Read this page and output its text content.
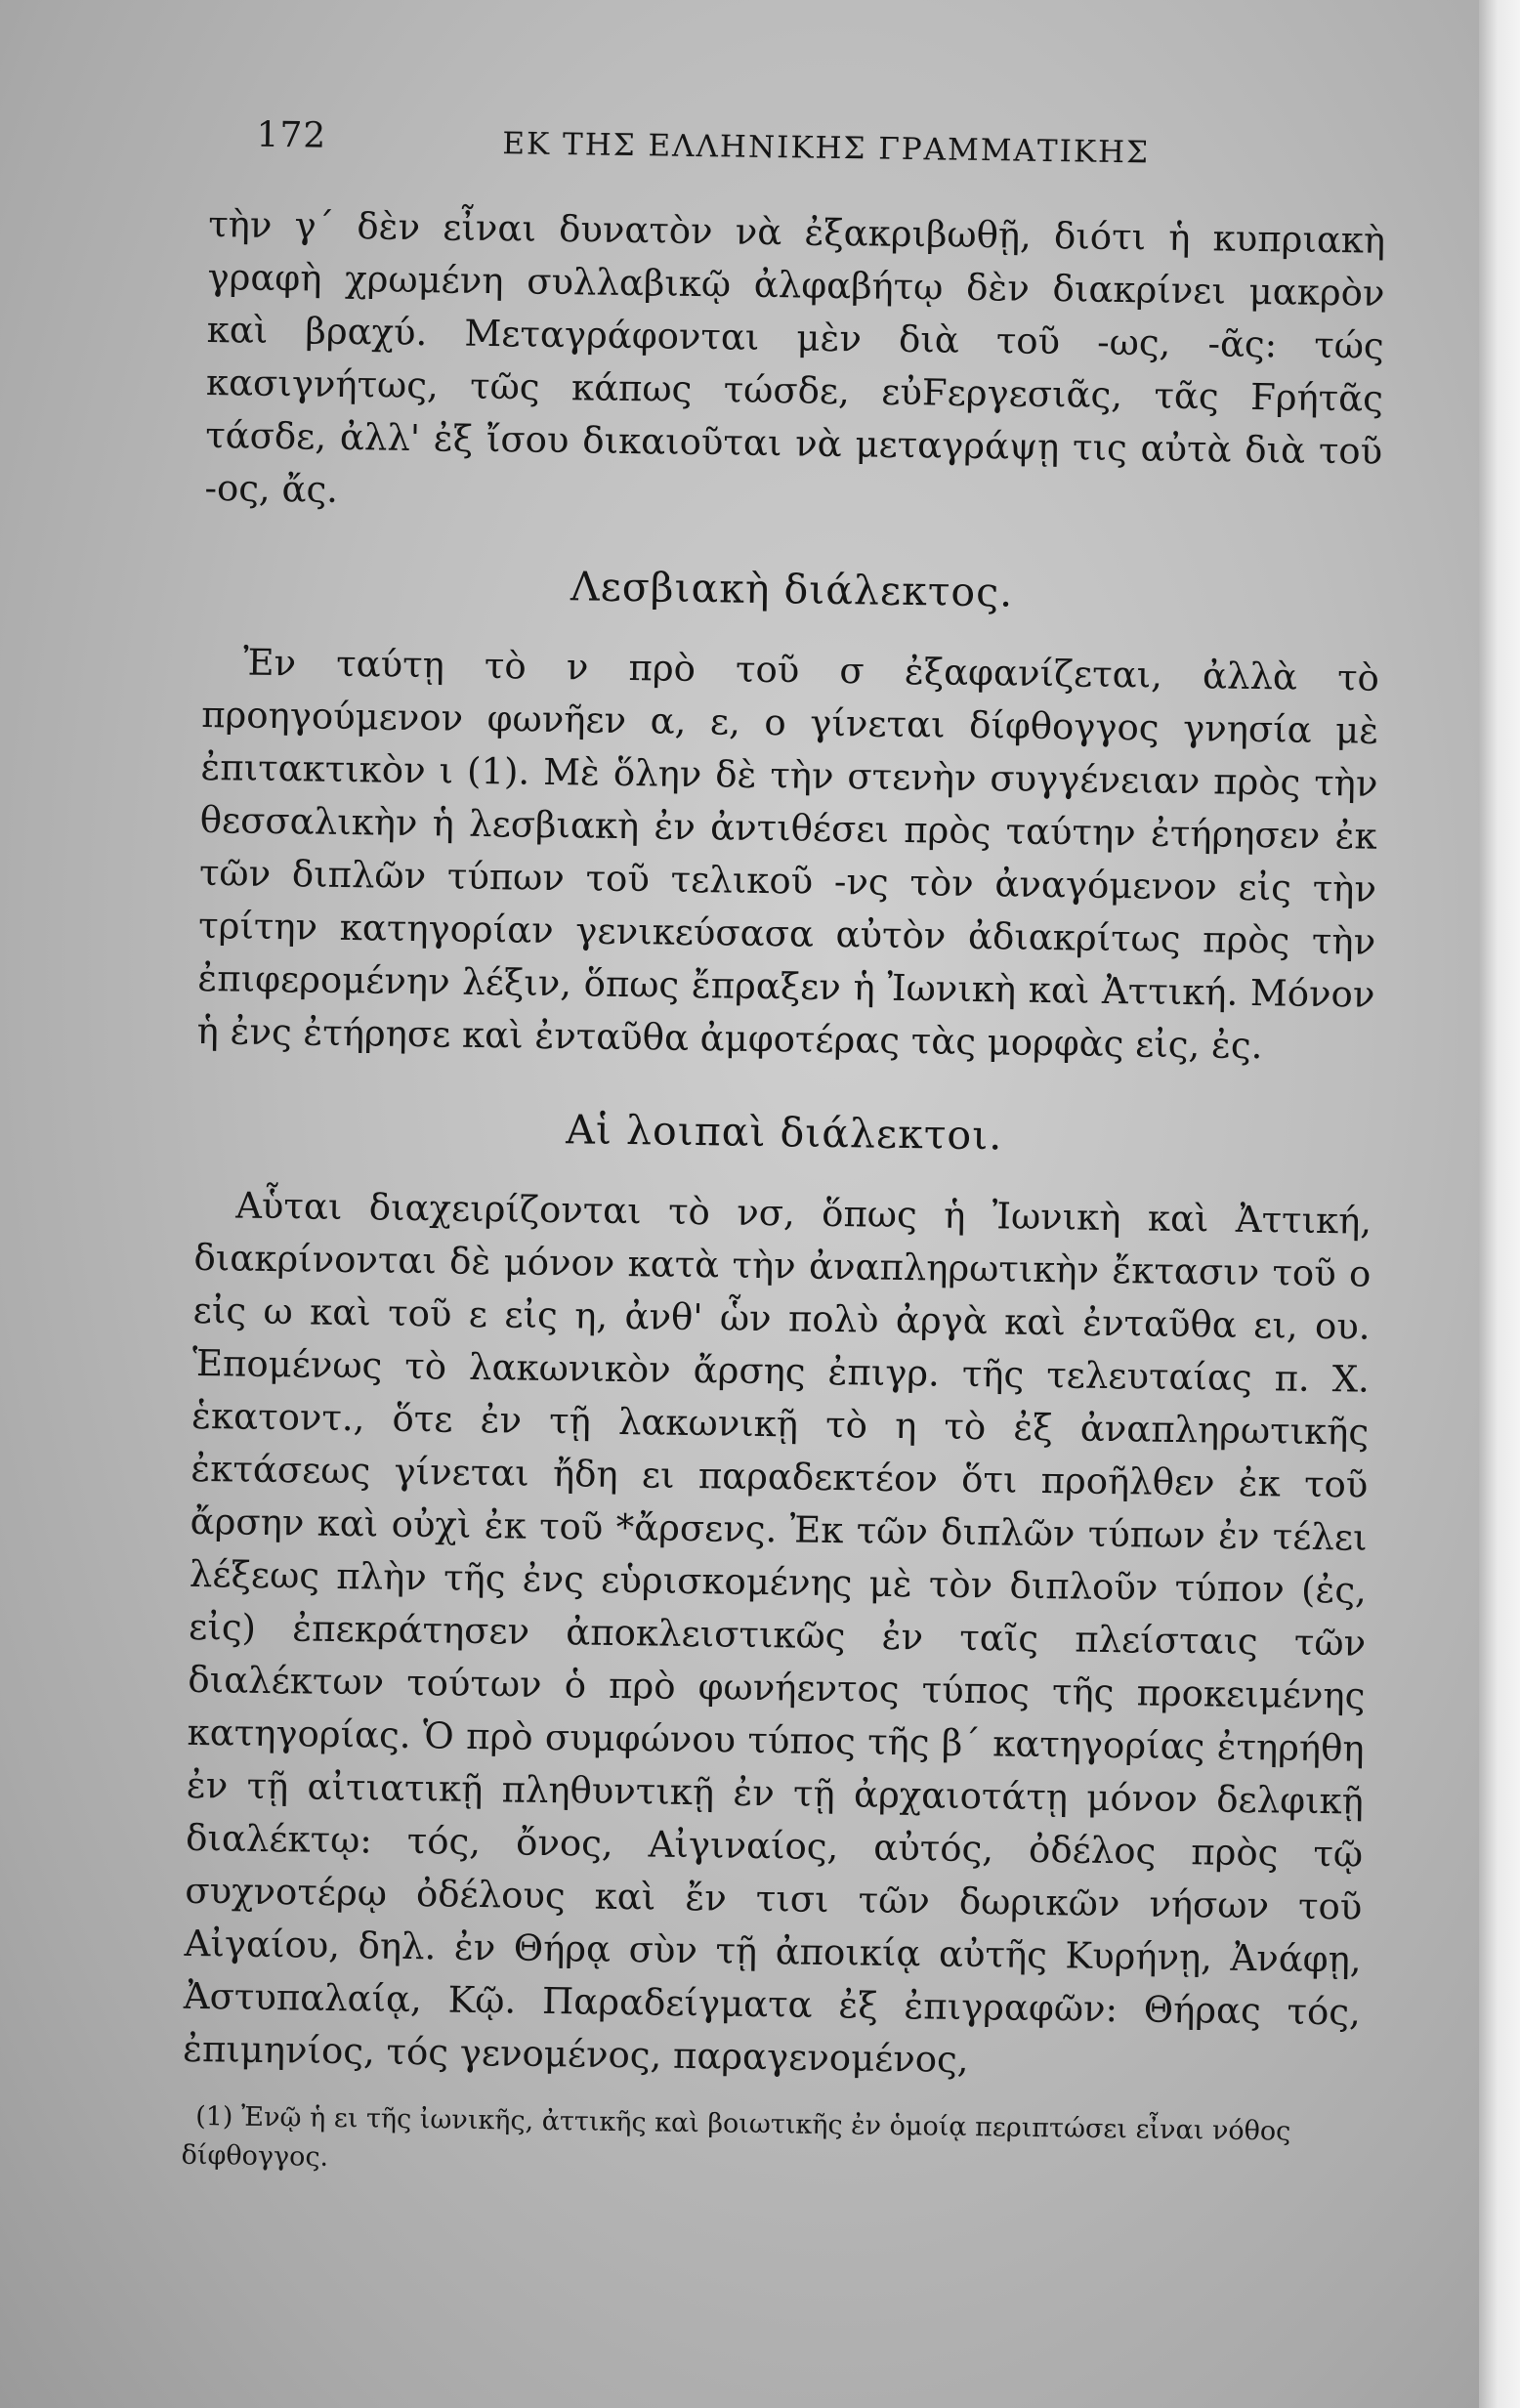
172	ΕΚ ΤΗΣ ΕΛΛΗΝΙΚΗΣ ΓΡΑΜΜΑΤΙΚΗΣ

τὴν γ΄ δὲν εἶναι δυνατὸν νὰ ἐξακριβωθῇ, διότι ἡ κυπριακὴ γραφὴ χρωμένη συλλαβικῷ ἀλφαβήτῳ δὲν διακρίνει μακρὸν καὶ βραχύ. Μεταγράφονται μὲν διὰ τοῦ -ως, -ᾶς: τώς κασιγνήτως, τῶς κάπως τώσδε, εὐϜεργεσιᾶς, τᾶς Ϝρήτᾶς τάσδε, ἀλλ' ἐξ ἴσου δικαιοῦται νὰ μεταγράψῃ τις αὐτὰ διὰ τοῦ -ος, ἄς.

Λεσβιακὴ διάλεκτος.

Ἐν ταύτῃ τὸ ν πρὸ τοῦ σ ἐξαφανίζεται, ἀλλὰ τὸ προηγούμενον φωνῆεν α, ε, ο γίνεται δίφθογγος γνησία μὲ ἐπιτακτικὸν ι (1). Μὲ ὅλην δὲ τὴν στενὴν συγγένειαν πρὸς τὴν θεσσαλικὴν ἡ λεσβιακὴ ἐν ἀντιθέσει πρὸς ταύτην ἐτήρησεν ἐκ τῶν διπλῶν τύπων τοῦ τελικοῦ -νς τὸν ἀναγόμενον εἰς τὴν τρίτην κατηγορίαν γενικεύσασα αὐτὸν ἀδιακρίτως πρὸς τὴν ἐπιφερομένην λέξιν, ὅπως ἔπραξεν ἡ Ἰωνικὴ καὶ Ἀττική. Μόνον ἡ ἐνς ἐτήρησε καὶ ἐνταῦθα ἀμφοτέρας τὰς μορφὰς εἰς, ἐς.

Αἱ λοιπαὶ διάλεκτοι.

Αὗται διαχειρίζονται τὸ νσ, ὅπως ἡ Ἰωνικὴ καὶ Ἀττική, διακρίνονται δὲ μόνον κατὰ τὴν ἀναπληρωτικὴν ἔκτασιν τοῦ ο εἰς ω καὶ τοῦ ε εἰς η, ἀνθ' ὧν πολὺ ἀργὰ καὶ ἐνταῦθα ει, ου. Ἑπομένως τὸ λακωνικὸν ἄρσης ἐπιγρ. τῆς τελευταίας π. Χ. ἑκατοντ., ὅτε ἐν τῇ λακωνικῇ τὸ η τὸ ἐξ ἀναπληρωτικῆς ἐκτάσεως γίνεται ἤδη ει παραδεκτέον ὅτι προῆλθεν ἐκ τοῦ ἄρσην καὶ οὐχὶ ἐκ τοῦ *ἄρσενς. Ἐκ τῶν διπλῶν τύπων ἐν τέλει λέξεως πλὴν τῆς ἐνς εὑρισκομένης μὲ τὸν διπλοῦν τύπον (ἐς, εἰς) ἐπεκράτησεν ἀποκλειστικῶς ἐν ταῖς πλείσταις τῶν διαλέκτων τούτων ὁ πρὸ φωνήεντος τύπος τῆς προκειμένης κατηγορίας. Ὁ πρὸ συμφώνου τύπος τῆς β΄ κατηγορίας ἐτηρήθη ἐν τῇ αἰτιατικῇ πληθυντικῇ ἐν τῇ ἀρχαιοτάτῃ μόνον δελφικῇ διαλέκτῳ: τός, ὄνος, Αἰγιναίος, αὐτός, ὀδέλος πρὸς τῷ συχνοτέρῳ ὀδέλους καὶ ἔν τισι τῶν δωρικῶν νήσων τοῦ Αἰγαίου, δηλ. ἐν Θήρᾳ σὺν τῇ ἀποικίᾳ αὐτῆς Κυρήνῃ, Ἀνάφῃ, Ἀστυπαλαίᾳ, Κῷ. Παραδείγματα ἐξ ἐπιγραφῶν: Θήρας τός, ἐπιμηνίος, τός γενομένος, παραγενομένος,

(1) Ἐνῷ ἡ ει τῆς ἰωνικῆς, ἀττικῆς καὶ βοιωτικῆς ἐν ὁμοίᾳ περιπτώσει εἶναι νόθος δίφθογγος.
